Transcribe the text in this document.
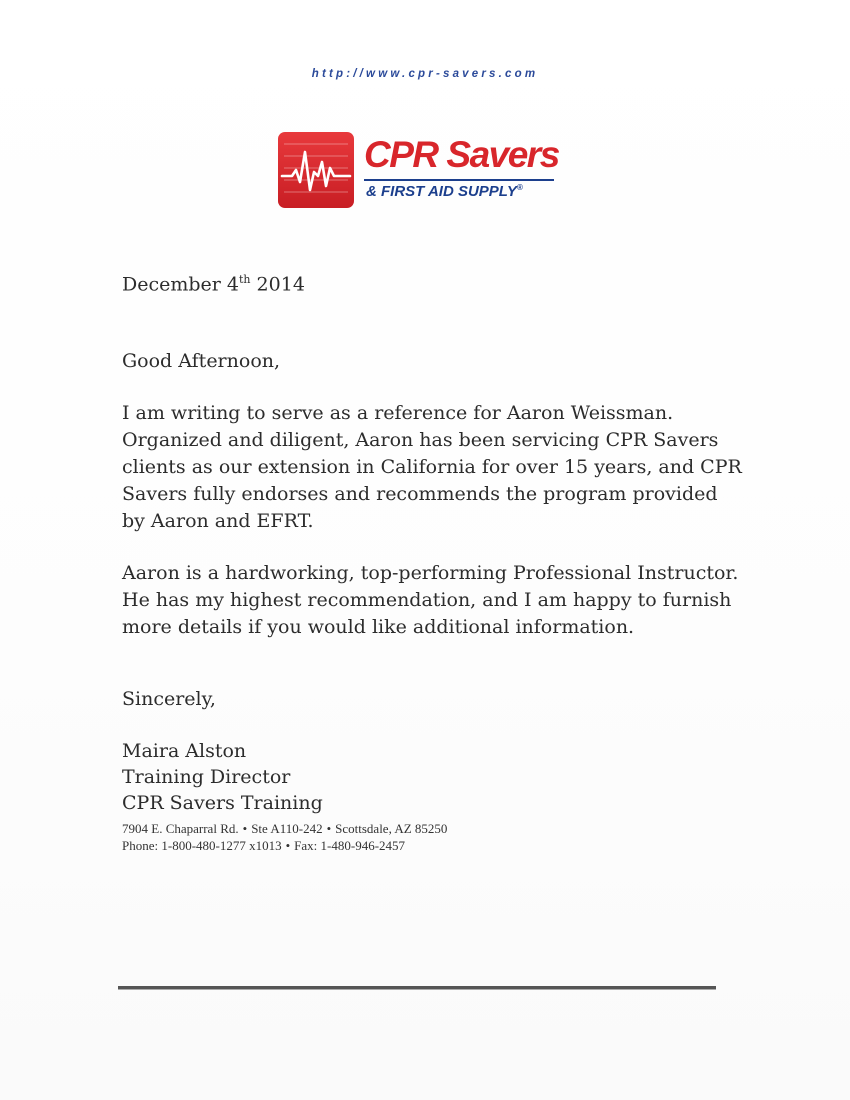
http://www.cpr-savers.com
CPR Savers
& FIRST AID SUPPLY®

December 4th 2014

Good Afternoon,

I am writing to serve as a reference for Aaron Weissman. Organized and diligent, Aaron has been servicing CPR Savers clients as our extension in California for over 15 years, and CPR Savers fully endorses and recommends the program provided by Aaron and EFRT.

Aaron is a hardworking, top-performing Professional Instructor. He has my highest recommendation, and I am happy to furnish more details if you would like additional information.

Sincerely,

Maira Alston
Training Director
CPR Savers Training
7904 E. Chaparral Rd. • Ste A110-242 • Scottsdale, AZ 85250
Phone: 1-800-480-1277 x1013 • Fax: 1-480-946-2457
